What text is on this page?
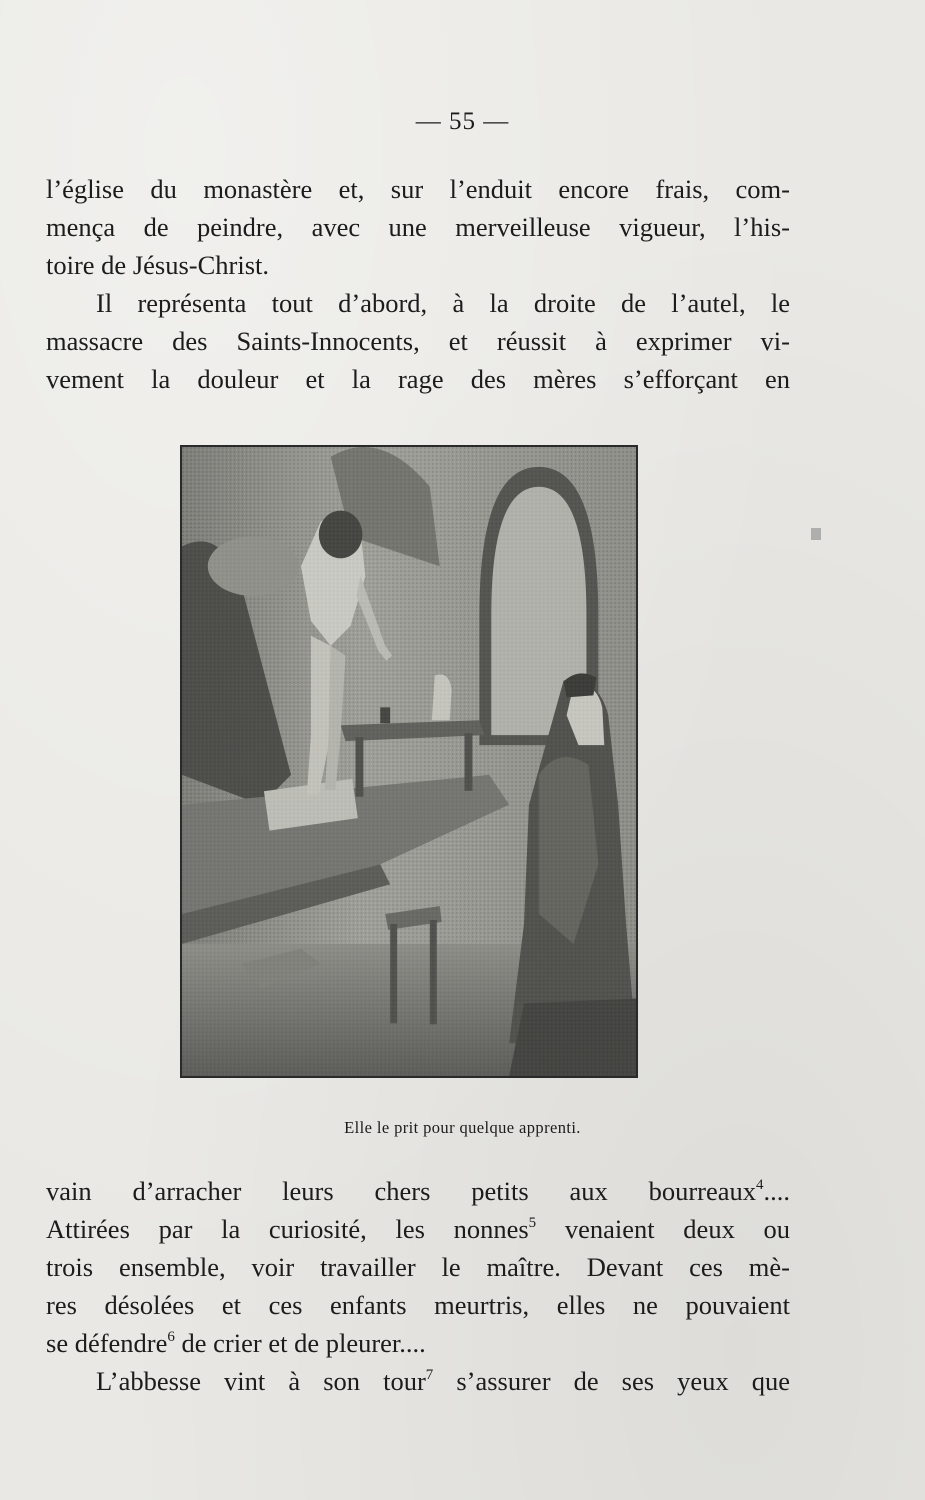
— 55 —

l’église du monastère et, sur l’enduit encore frais, com-
mença de peindre, avec une merveilleuse vigueur, l’his-
toire de Jésus-Christ.

Il représenta tout d’abord, à la droite de l’autel, le
massacre des Saints-Innocents, et réussit à exprimer vi-
vement la douleur et la rage des mères s’efforçant en

Elle le prit pour quelque apprenti.

vain d’arracher leurs chers petits aux bourreaux$^4$....
Attirées par la curiosité, les nonnes$^5$ venaient deux ou
trois ensemble, voir travailler le maître. Devant ces mè-
res désolées et ces enfants meurtris, elles ne pouvaient
se défendre$^6$ de crier et de pleurer....

L’abbesse vint à son tour$^7$ s’assurer de ses yeux que
